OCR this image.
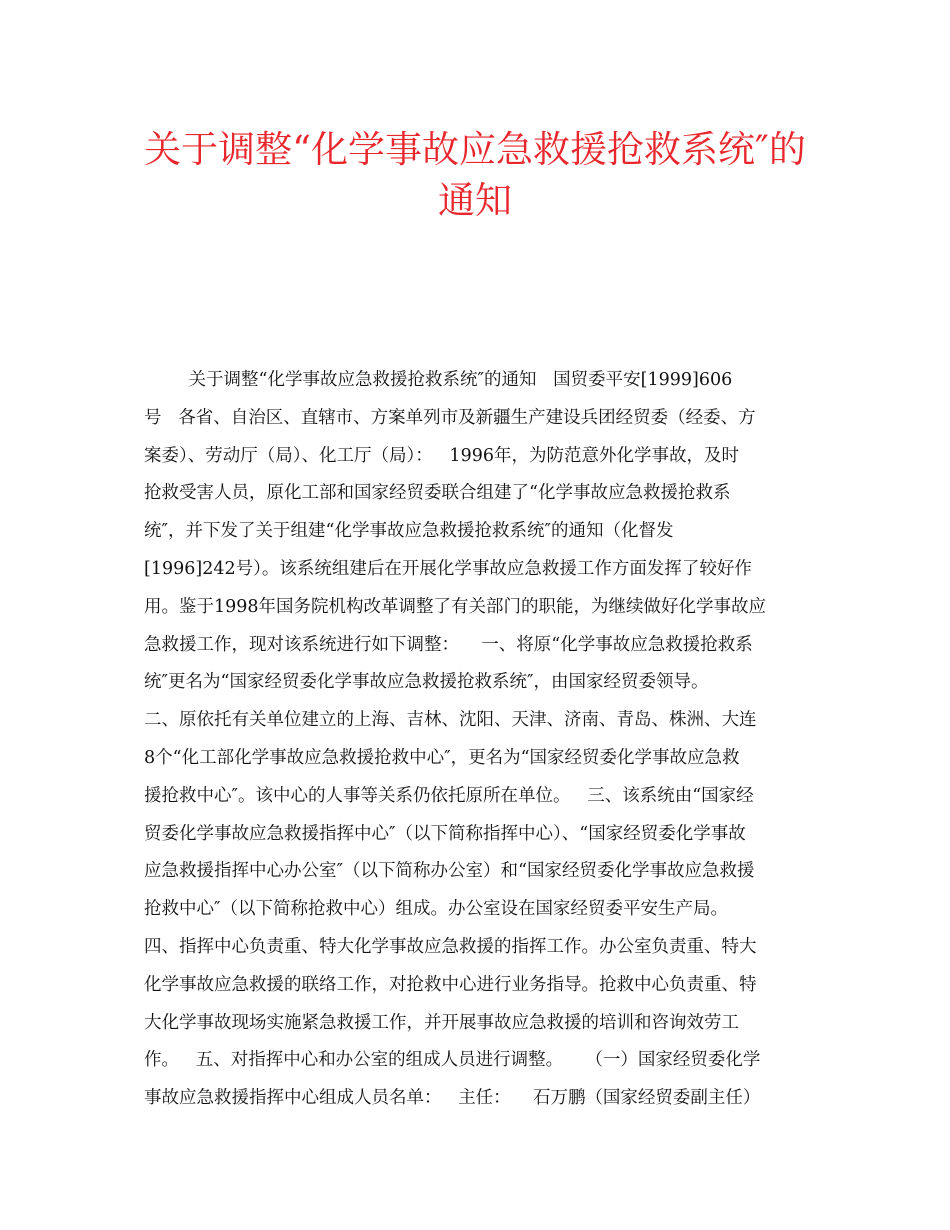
关于调整“化学事故应急救援抢救系统″的
通知
关于调整“化学事故应急救援抢救系统″的通知   国贸委平安[1999]606
号   各省、自治区、直辖市、方案单列市及新疆生产建设兵团经贸委（经委、方
案委）、劳动厅（局）、化工厅（局）：   1996年，为防范意外化学事故，及时
抢救受害人员，原化工部和国家经贸委联合组建了“化学事故应急救援抢救系
统″，并下发了关于组建“化学事故应急救援抢救系统″的通知（化督发
[1996]242号）。该系统组建后在开展化学事故应急救援工作方面发挥了较好作
用。鉴于1998年国务院机构改革调整了有关部门的职能，为继续做好化学事故应
急救援工作，现对该系统进行如下调整：    一、将原“化学事故应急救援抢救系
统″更名为“国家经贸委化学事故应急救援抢救系统″，由国家经贸委领导。
二、原依托有关单位建立的上海、吉林、沈阳、天津、济南、青岛、株洲、大连
8个“化工部化学事故应急救援抢救中心″，更名为“国家经贸委化学事故应急救
援抢救中心″。该中心的人事等关系仍依托原所在单位。   三、该系统由“国家经
贸委化学事故应急救援指挥中心″（以下简称指挥中心）、“国家经贸委化学事故
应急救援指挥中心办公室″（以下简称办公室）和“国家经贸委化学事故应急救援
抢救中心″（以下简称抢救中心）组成。办公室设在国家经贸委平安生产局。
四、指挥中心负责重、特大化学事故应急救援的指挥工作。办公室负责重、特大
化学事故应急救援的联络工作，对抢救中心进行业务指导。抢救中心负责重、特
大化学事故现场实施紧急救援工作，并开展事故应急救援的培训和咨询效劳工
作。   五、对指挥中心和办公室的组成人员进行调整。    （一）国家经贸委化学
事故应急救援指挥中心组成人员名单：   主任：    石万鹏（国家经贸委副主任）
